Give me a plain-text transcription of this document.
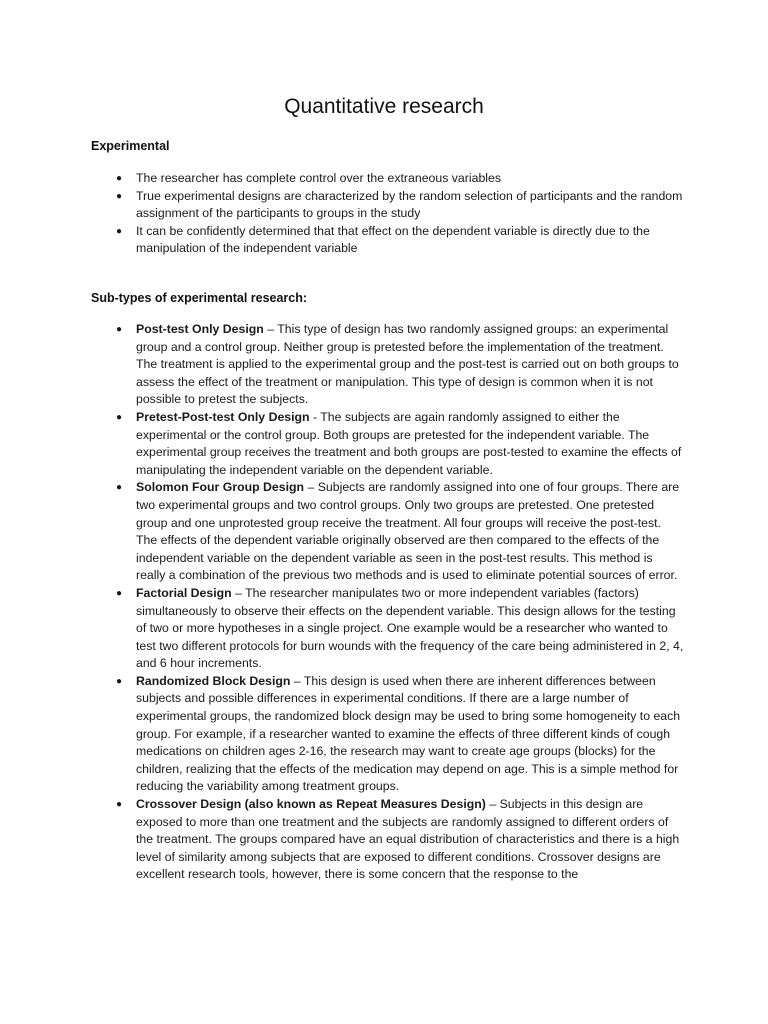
Quantitative research
Experimental
● The researcher has complete control over the extraneous variables
● True experimental designs are characterized by the random selection of participants and the random assignment of the participants to groups in the study
● It can be confidently determined that that effect on the dependent variable is directly due to the manipulation of the independent variable
Sub-types of experimental research:
● Post-test Only Design – This type of design has two randomly assigned groups: an experimental group and a control group. Neither group is pretested before the implementation of the treatment. The treatment is applied to the experimental group and the post-test is carried out on both groups to assess the effect of the treatment or manipulation. This type of design is common when it is not possible to pretest the subjects.
● Pretest-Post-test Only Design - The subjects are again randomly assigned to either the experimental or the control group. Both groups are pretested for the independent variable. The experimental group receives the treatment and both groups are post-tested to examine the effects of manipulating the independent variable on the dependent variable.
● Solomon Four Group Design – Subjects are randomly assigned into one of four groups. There are two experimental groups and two control groups. Only two groups are pretested. One pretested group and one unprotested group receive the treatment. All four groups will receive the post-test. The effects of the dependent variable originally observed are then compared to the effects of the independent variable on the dependent variable as seen in the post-test results. This method is really a combination of the previous two methods and is used to eliminate potential sources of error.
● Factorial Design – The researcher manipulates two or more independent variables (factors) simultaneously to observe their effects on the dependent variable. This design allows for the testing of two or more hypotheses in a single project. One example would be a researcher who wanted to test two different protocols for burn wounds with the frequency of the care being administered in 2, 4, and 6 hour increments.
● Randomized Block Design – This design is used when there are inherent differences between subjects and possible differences in experimental conditions. If there are a large number of experimental groups, the randomized block design may be used to bring some homogeneity to each group. For example, if a researcher wanted to examine the effects of three different kinds of cough medications on children ages 2-16, the research may want to create age groups (blocks) for the children, realizing that the effects of the medication may depend on age. This is a simple method for reducing the variability among treatment groups.
● Crossover Design (also known as Repeat Measures Design) – Subjects in this design are exposed to more than one treatment and the subjects are randomly assigned to different orders of the treatment. The groups compared have an equal distribution of characteristics and there is a high level of similarity among subjects that are exposed to different conditions. Crossover designs are excellent research tools, however, there is some concern that the response to the
